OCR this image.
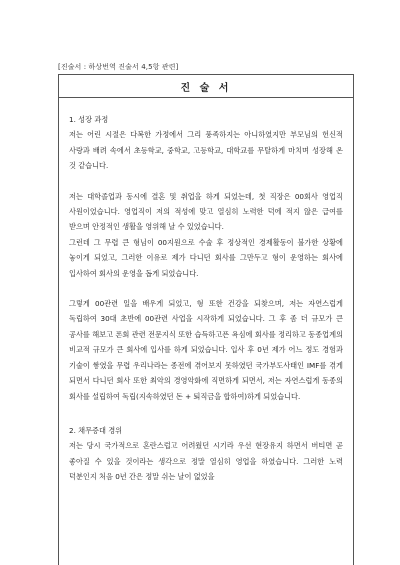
[진술서 : 하상번역 진술서 4,5항 관련]
진 술 서

1. 성장 과정

저는 어린 시절은 다복한 가정에서 그리 풍족하지는 아니하였지만 부모님의 헌신적 사랑과 배려 속에서 초등학교, 중학교, 고등학교, 대학교를 무탈하게 마치며 성장해 온 것 같습니다.

저는 대학졸업과 동시에 결혼 및 취업을 하게 되었는데, 첫 직장은 00회사 영업직 사원이었습니다. 영업직이 저의 적성에 맞고 열심히 노력한 덕에 적지 않은 급여를 받으며 안정적인 생활을 영위해 날 수 있었습니다.

그런데 그 무렵 큰 형님이 00지원으로 수술 후 정상적인 경제활동이 불가한 상황에 놓이게 되었고, 그러한 이유로 제가 다니던 회사를 그만두고 형이 운영하는 회사에 입사하여 회사의 운영을 돕게 되었습니다.

그렇게 00관련 일을 배우게 되었고, 형 또한 건강을 되찾으며, 저는 자연스럽게 독립하여 30대 초반에 00관련 사업을 시작하게 되었습니다. 그 후 좀 더 규모가 큰 공사를 해보고 폰회 관련 전문지식 또한 습득하고픈 욕심에 회사를 정리하고 동종업계의 비교적 규모가 큰 회사에 입사를 하게 되었습니다. 입사 후 0년 제가 어느 정도 경험과 기술이 쌓였을 무렵 우리나라는 종전에 겪어보지 못하였던 국가부도사태인 IMF를 겪게 되면서 다니던 회사 또한 최악의 경영악화에 직면하게 되면서, 저는 자연스럽게 동종의 회사를 설립하여 독립(지속하였던 돈 + 퇴직금을 합하여)하게 되었습니다.

2. 채무증대 경위

저는 당시 국가적으로 혼란스럽고 어려웠던 시기라 우선 현장유지 하면서 버티면 곧 좋아질 수 있을 것이라는 생각으로 정말 열심히 영업을 하였습니다. 그러한 노력 덕분인지 처음 0년 간은 정말 쉬는 날이 없었을
